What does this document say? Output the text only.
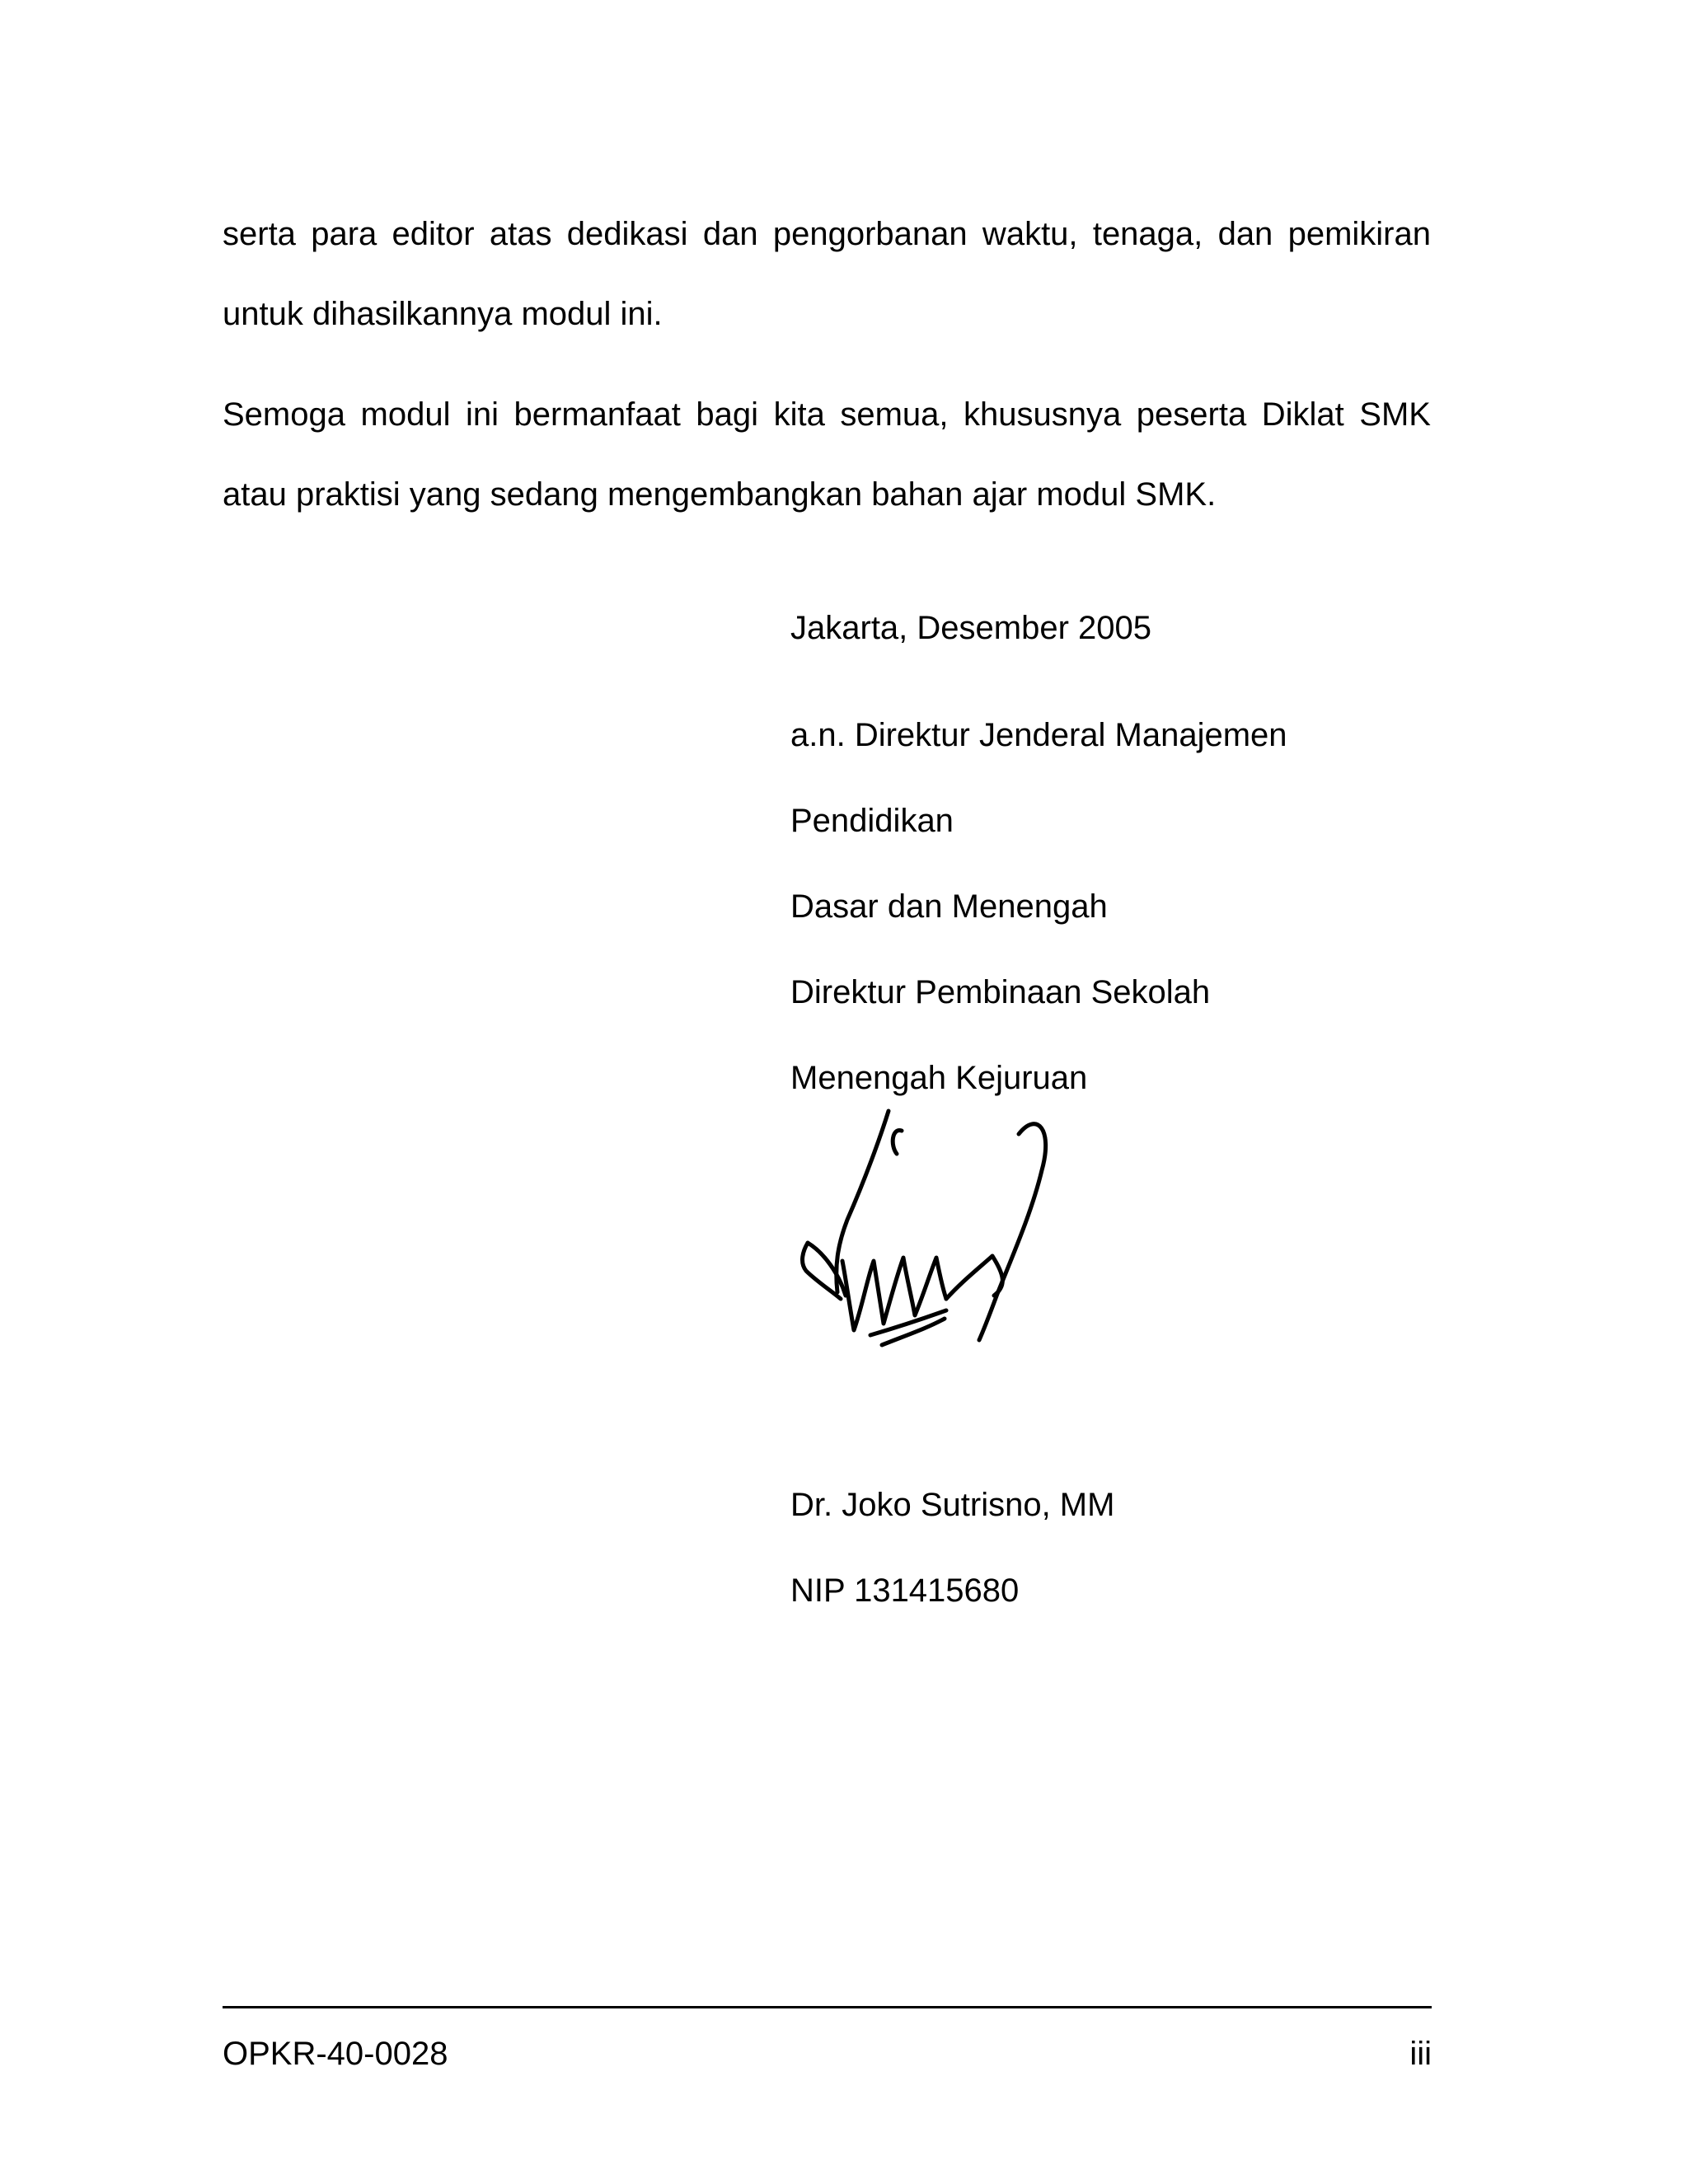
serta para editor atas dedikasi dan pengorbanan waktu, tenaga, dan pemikiran untuk dihasilkannya modul ini.

Semoga modul ini bermanfaat bagi kita semua, khususnya peserta Diklat SMK atau praktisi yang sedang mengembangkan bahan ajar modul SMK.

Jakarta, Desember 2005
a.n. Direktur Jenderal Manajemen
Pendidikan
Dasar dan Menengah
Direktur Pembinaan Sekolah
Menengah Kejuruan
Dr. Joko Sutrisno, MM
NIP 131415680
OPKR-40-0028	iii
